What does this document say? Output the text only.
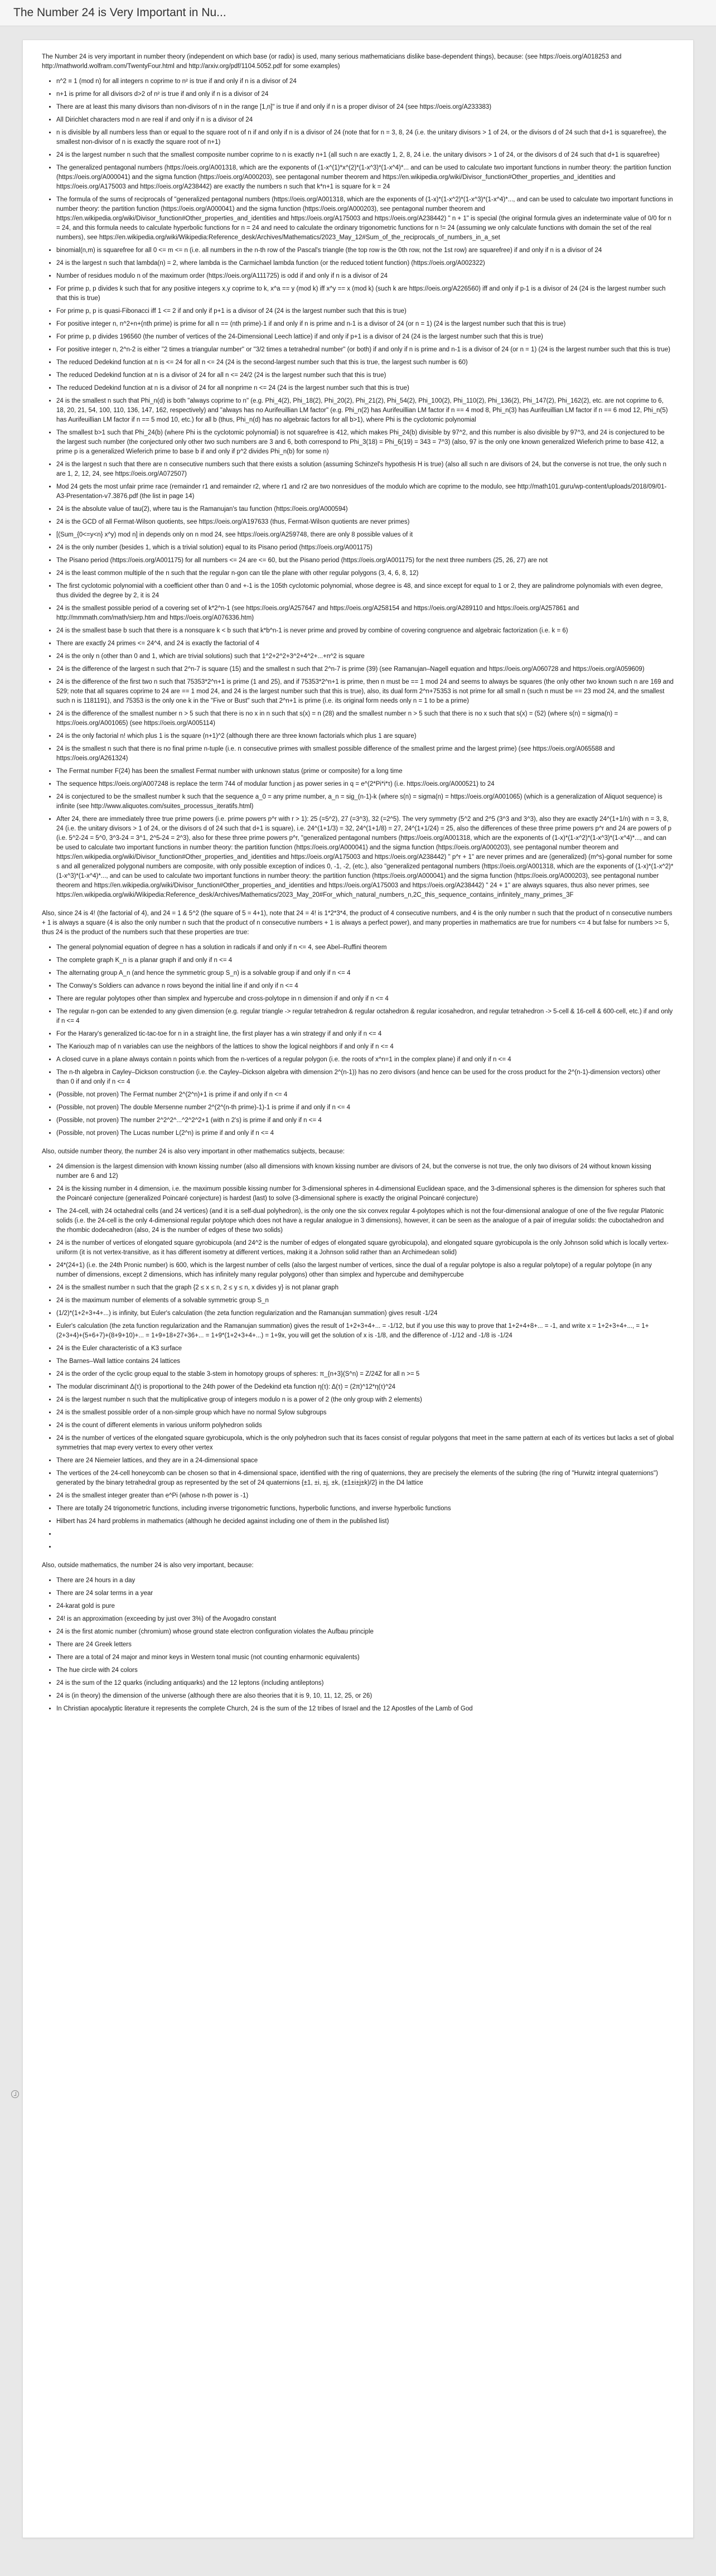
The Number 24 is Very Important in Nu...

The Number 24 is very important in number theory (independent on which base (or radix) is used, many serious mathematicians dislike base-dependent things), because: (see https://oeis.org/A018253 and http://mathworld.wolfram.com/TwentyFour.html and http://arxiv.org/pdf/1104.5052.pdf for some examples)

• n^2 ≡ 1 (mod n) for all integers n coprime to n² is true if and only if n is a divisor of 24
• n+1 is prime for all divisors d>2 of n² is true if and only if n is a divisor of 24
• There are at least this many divisors than non-divisors of n in the range [1,n]" is true if and only if n is a proper divisor of 24 (see https://oeis.org/A233383)
• All Dirichlet characters mod n are real if and only if n is a divisor of 24
• n is divisible by all numbers less than or equal to the square root of n if and only if n is a divisor of 24 (note that for n = 3, 8, 24 (i.e. the unitary divisors > 1 of 24, or the divisors d of 24 such that d+1 is squarefree), the smallest non-divisor of n is exactly the square root of n+1)
• 24 is the largest number n such that the smallest composite number coprime to n is exactly n+1 (all such n are exactly 1, 2, 8, 24 i.e. the unitary divisors > 1 of 24, or the divisors d of 24 such that d+1 is squarefree)
• The generalized pentagonal numbers (https://oeis.org/A001318, which are the exponents of (1-x^(1)*x^(2)*(1-x^3)*(1-x^4)*... and can be used to calculate two important functions in number theory: the partition function (https://oeis.org/A000041) and the sigma function (https://oeis.org/A000203), see pentagonal number theorem and https://en.wikipedia.org/wiki/Divisor_function#Other_properties_and_identities and https://oeis.org/A175003 and https://oeis.org/A238442) are exactly the numbers n such that k*n+1 is square for k = 24
• The formula of the sums of reciprocals of "generalized pentagonal numbers (https://oeis.org/A001318, which are the exponents of (1-x)*(1-x^2)*(1-x^3)*(1-x^4)*..., and can be used to calculate two important functions in number theory: the partition function (https://oeis.org/A000041) and the sigma function (https://oeis.org/A000203), see pentagonal number theorem and https://en.wikipedia.org/wiki/Divisor_function#Other_properties_and_identities and https://oeis.org/A175003 and https://oeis.org/A238442) " n + 1" is special (the original formula gives an indeterminate value of 0/0 for n = 24, and this formula needs to calculate hyperbolic functions for n = 24 and need to calculate the ordinary trigonometric functions for n != 24 (assuming we only calculate functions with domain the set of the real numbers), see https://en.wikipedia.org/wiki/Wikipedia:Reference_desk/Archives/Mathematics/2023_May_12#Sum_of_the_reciprocals_of_numbers_in_a_set
• binomial(n,m) is squarefree for all 0 <= m <= n (i.e. all numbers in the n-th row of the Pascal's triangle (the top row is the 0th row, not the 1st row) are squarefree) if and only if n is a divisor of 24
• 24 is the largest n such that lambda(n) = 2, where lambda is the Carmichael lambda function (or the reduced totient function) (https://oeis.org/A002322)
• Number of residues modulo n of the maximum order (https://oeis.org/A111725) is odd if and only if n is a divisor of 24
• For prime p, p divides k such that for any positive integers x,y coprime to k, x^a == y (mod k) iff x^y == x (mod k) (such k are https://oeis.org/A226560) iff and only if p-1 is a divisor of 24 (24 is the largest number such that this is true)
• For prime p, p is quasi-Fibonacci iff 1 <= 2 if and only if p+1 is a divisor of 24 (24 is the largest number such that this is true)
• For positive integer n, n^2+n+(nth prime) is prime for all n == (nth prime)-1 if and only if n is prime and n-1 is a divisor of 24 (or n = 1) (24 is the largest number such that this is true)
• For prime p, p divides 196560 (the number of vertices of the 24-Dimensional Leech lattice) if and only if p+1 is a divisor of 24 (24 is the largest number such that this is true)
• For positive integer n, 2^n-2 is either "2 times a triangular number" or "3/2 times a tetrahedral number" (or both) if and only if n is prime and n-1 is a divisor of 24 (or n = 1) (24 is the largest number such that this is true)
• The reduced Dedekind function at n is <= 24 for all n <= 24 (24 is the second-largest number such that this is true, the largest such number is 60)
• The reduced Dedekind function at n is a divisor of 24 for all n <= 24/2 (24 is the largest number such that this is true)
• The reduced Dedekind function at n is a divisor of 24 for all nonprime n <= 24 (24 is the largest number such that this is true)
• 24 is the smallest n such that Phi_n(d) is both "always coprime to n" (e.g. Phi_4(2), Phi_18(2), Phi_20(2), Phi_21(2), Phi_54(2), Phi_100(2), Phi_110(2), Phi_136(2), Phi_147(2), Phi_162(2), etc. are not coprime to 6, 18, 20, 21, 54, 100, 110, 136, 147, 162, respectively) and "always has no Aurifeuillian LM factor" (e.g. Phi_n(2) has Aurifeuillian LM factor if n == 4 mod 8, Phi_n(3) has Aurifeuillian LM factor if n == 6 mod 12, Phi_n(5) has Aurifeuillian LM factor if n == 5 mod 10, etc.) for all b (thus, Phi_n(d) has no algebraic factors for all b>1), where Phi is the cyclotomic polynomial
• The smallest b>1 such that Phi_24(b) (where Phi is the cyclotomic polynomial) is not squarefree is 412, which makes Phi_24(b) divisible by 97^2, and this number is also divisible by 97^3, and 24 is conjectured to be the largest such number (the conjectured only other two such numbers are 3 and 6, both correspond to Phi_3(18) = Phi_6(19) = 343 = 7^3) (also, 97 is the only one known generalized Wieferich prime to base 412, a prime p is a generalized Wieferich prime to base b if and only if p^2 divides Phi_n(b) for some n)
• 24 is the largest n such that there are n consecutive numbers such that there exists a solution (assuming Schinzel's hypothesis H is true) (also all such n are divisors of 24, but the converse is not true, the only such n are 1, 2, 12, 24, see https://oeis.org/A072507)
• Mod 24 gets the most unfair prime race (remainder r1 and remainder r2, where r1 and r2 are two nonresidues of the modulo which are coprime to the modulo, see http://math101.guru/wp-content/uploads/2018/09/01-A3-Presentation-v7.3876.pdf (the list in page 14)
• 24 is the absolute value of tau(2), where tau is the Ramanujan's tau function (https://oeis.org/A000594)
• 24 is the GCD of all Fermat-Wilson quotients, see https://oeis.org/A197633 (thus, Fermat-Wilson quotients are never primes)
• [(Sum_{0<=y<n} x^y) mod n] in depends only on n mod 24, see https://oeis.org/A259748, there are only 8 possible values of it
• 24 is the only number (besides 1, which is a trivial solution) equal to its Pisano period (https://oeis.org/A001175)
• The Pisano period (https://oeis.org/A001175) for all numbers <= 24 are <= 60, but the Pisano period (https://oeis.org/A001175) for the next three numbers (25, 26, 27) are not
• 24 is the least common multiple of the n such that the regular n-gon can tile the plane with other regular polygons (3, 4, 6, 8, 12)
• The first cyclotomic polynomial with a coefficient other than 0 and +-1 is the 105th cyclotomic polynomial, whose degree is 48, and since except for equal to 1 or 2, they are palindrome polynomials with even degree, thus divided the degree by 2, it is 24
• 24 is the smallest possible period of a covering set of k*2^n-1 (see https://oeis.org/A257647 and https://oeis.org/A258154 and https://oeis.org/A289110 and https://oeis.org/A257861 and http://mmmath.com/math/sierp.htm and https://oeis.org/A076336.htm)
• 24 is the smallest base b such that there is a nonsquare k < b such that k*b^n-1 is never prime and proved by combine of covering congruence and algebraic factorization (i.e. k = 6)
• There are exactly 24 primes <= 24^4, and 24 is exactly the factorial of 4
• 24 is the only n (other than 0 and 1, which are trivial solutions) such that 1^2+2^2+3^2+4^2+...+n^2 is square
• 24 is the difference of the largest n such that 2^n-7 is square (15) and the smallest n such that 2^n-7 is prime (39) (see Ramanujan–Nagell equation and https://oeis.org/A060728 and https://oeis.org/A059609)
• 24 is the difference of the first two n such that 75353*2^n+1 is prime (1 and 25), and if 75353*2^n+1 is prime, then n must be == 1 mod 24 and seems to always be squares (the only other two known such n are 169 and 529; note that all squares coprime to 24 are == 1 mod 24, and 24 is the largest number such that this is true), also, its dual form 2^n+75353 is not prime for all small n (such n must be == 23 mod 24, and the smallest such n is 1181191), and 75353 is the only one k in the "Five or Bust" such that 2^n+1 is prime (i.e. its original form needs only n = 1 to be a prime)
• 24 is the difference of the smallest number n > 5 such that there is no x in n such that s(x) = n (28) and the smallest number n > 5 such that there is no x such that s(x) = (52) (where s(n) = sigma(n) = https://oeis.org/A001065) (see https://oeis.org/A005114)
• 24 is the only factorial n! which plus 1 is the square (n+1)^2 (although there are three known factorials which plus 1 are square)
• 24 is the smallest n such that there is no final prime n-tuple (i.e. n consecutive primes with smallest possible difference of the smallest prime and the largest prime) (see https://oeis.org/A065588 and https://oeis.org/A261324)
• The Fermat number F(24) has been the smallest Fermat number with unknown status (prime or composite) for a long time
• The sequence https://oeis.org/A007248 is replace the term 744 of modular function j as power series in q = e^(2*Pi*i*τ) (i.e. https://oeis.org/A000521) to 24
• 24 is conjectured to be the smallest number k such that the sequence a_0 = any prime number, a_n = sig_(n-1)-k (where s(n) = sigma(n) = https://oeis.org/A001065) (which is a generalization of Aliquot sequence) is infinite (see http://www.aliquotes.com/suites_processus_iteratifs.html)
• After 24, there are immediately three true prime powers (i.e. prime powers p^r with r > 1): 25 (=5^2), 27 (=3^3), 32 (=2^5). The very symmetry (5^2 and 2^5 (3^3 and 3^3), also they are exactly 24^(1+1/n) with n = 3, 8, 24 (i.e. the unitary divisors > 1 of 24, or the divisors d of 24 such that d+1 is square), i.e. 24^(1+1/3) = 32, 24^(1+1/8) = 27, 24^(1+1/24) = 25, also the differences of these three prime powers p^r and 24 are powers of p (i.e. 5^2-24 = 5^0, 3^3-24 = 3^1, 2^5-24 = 2^3), also for these three prime powers p^r, "generalized pentagonal numbers (https://oeis.org/A001318, which are the exponents of (1-x)*(1-x^2)*(1-x^3)*(1-x^4)*..., and can be used to calculate two important functions in number theory: the partition function (https://oeis.org/A000041) and the sigma function (https://oeis.org/A000203), see pentagonal number theorem and https://en.wikipedia.org/wiki/Divisor_function#Other_properties_and_identities and https://oeis.org/A175003 and https://oeis.org/A238442) " p^r + 1" are never primes and are (generalized) (m^s)-gonal number for some s and all generalized polygonal numbers are composite, with only possible exception of indices 0, -1, -2, (etc.), also "generalized pentagonal numbers (https://oeis.org/A001318, which are the exponents of (1-x)*(1-x^2)*(1-x^3)*(1-x^4)*..., and can be used to calculate two important functions in number theory: the partition function (https://oeis.org/A000041) and the sigma function (https://oeis.org/A000203), see pentagonal number theorem and https://en.wikipedia.org/wiki/Divisor_function#Other_properties_and_identities and https://oeis.org/A175003 and https://oeis.org/A238442) " 24 + 1" are always squares, thus also never primes, see https://en.wikipedia.org/wiki/Wikipedia:Reference_desk/Archives/Mathematics/2023_May_20#For_which_natural_numbers_n,2C_this_sequence_contains_infinitely_many_primes_3F

Also, since 24 is 4! (the factorial of 4), and 24 = 1 & 5^2 (the square of 5 = 4+1), note that 24 = 4! is 1*2*3*4, the product of 4 consecutive numbers, and 4 is the only number n such that the product of n consecutive numbers + 1 is always a square (4 is also the only number n such that the product of n consecutive numbers + 1 is always a perfect power), and many properties in mathematics are true for numbers <= 4 but false for numbers >= 5, thus 24 is the product of the numbers such that these properties are true:

• The general polynomial equation of degree n has a solution in radicals if and only if n <= 4, see Abel–Ruffini theorem
• The complete graph K_n is a planar graph if and only if n <= 4
• The alternating group A_n (and hence the symmetric group S_n) is a solvable group if and only if n <= 4
• The Conway's Soldiers can advance n rows beyond the initial line if and only if n <= 4
• There are regular polytopes other than simplex and hypercube and cross-polytope in n dimension if and only if n <= 4
• The regular n-gon can be extended to any given dimension (e.g. regular triangle -> regular tetrahedron & regular octahedron & regular icosahedron, and regular tetrahedron -> 5-cell & 16-cell & 600-cell, etc.) if and only if n <= 4
• For the Harary's generalized tic-tac-toe for n in a straight line, the first player has a win strategy if and only if n <= 4
• The Kariouzh map of n variables can use the neighbors of the lattices to show the logical neighbors if and only if n <= 4
• A closed curve in a plane always contain n points which from the n-vertices of a regular polygon (i.e. the roots of x^n=1 in the complex plane) if and only if n <= 4
• The n-th algebra in Cayley–Dickson construction (i.e. the Cayley–Dickson algebra with dimension 2^(n-1)) has no zero divisors (and hence can be used for the cross product for the 2^(n-1)-dimension vectors) other than 0 if and only if n <= 4
• (Possible, not proven) The Fermat number 2^(2^n)+1 is prime if and only if n <= 4
• (Possible, not proven) The double Mersenne number 2^(2^(n-th prime)-1)-1 is prime if and only if n <= 4
• (Possible, not proven) The number 2^2^2^...^2^2^2+1 (with n 2's) is prime if and only if n <= 4
• (Possible, not proven) The Lucas number L(2^n) is prime if and only if n <= 4

Also, outside number theory, the number 24 is also very important in other mathematics subjects, because:

• 24 dimension is the largest dimension with known kissing number (also all dimensions with known kissing number are divisors of 24, but the converse is not true, the only two divisors of 24 without known kissing number are 6 and 12)
• 24 is the kissing number in 4 dimension, i.e. the maximum possible kissing number for 3-dimensional spheres in 4-dimensional Euclidean space, and the 3-dimensional spheres is the dimension for spheres such that the Poincaré conjecture (generalized Poincaré conjecture) is hardest (last) to solve (3-dimensional sphere is exactly the original Poincaré conjecture)
• The 24-cell, with 24 octahedral cells (and 24 vertices) (and it is a self-dual polyhedron), is the only one the six convex regular 4-polytopes which is not the four-dimensional analogue of one of the five regular Platonic solids (i.e. the 24-cell is the only 4-dimensional regular polytope which does not have a regular analogue in 3 dimensions), however, it can be seen as the analogue of a pair of irregular solids: the cuboctahedron and the rhombic dodecahedron (also, 24 is the number of edges of these two solids)
• 24 is the number of vertices of elongated square gyrobicupola (and 24^2 is the number of edges of elongated square gyrobicupola), and elongated square gyrobicupola is the only Johnson solid which is locally vertex-uniform (it is not vertex-transitive, as it has different isometry at different vertices, making it a Johnson solid rather than an Archimedean solid)
• 24*(24+1) (i.e. the 24th Pronic number) is 600, which is the largest number of cells (also the largest number of vertices, since the dual of a regular polytope is also a regular polytope) of a regular polytope (in any number of dimensions, except 2 dimensions, which has infinitely many regular polygons) other than simplex and hypercube and demihypercube
• 24 is the smallest number n such that the graph {2 ≤ x ≤ n, 2 ≤ y ≤ n, x divides y} is not planar graph
• 24 is the maximum number of elements of a solvable symmetric group S_n
• (1/2)*(1+2+3+4+...) is infinity, but Euler's calculation (the zeta function regularization and the Ramanujan summation) gives result -1/24
• Euler's calculation (the zeta function regularization and the Ramanujan summation) gives the result of 1+2+3+4+... = -1/12, but if you use this way to prove that 1+2+4+8+... = -1, and write x = 1+2+3+4+..., = 1+(2+3+4)+(5+6+7)+(8+9+10)+... = 1+9+18+27+36+... = 1+9*(1+2+3+4+...) = 1+9x, you will get the solution of x is -1/8, and the difference of -1/12 and -1/8 is -1/24
• 24 is the Euler characteristic of a K3 surface
• The Barnes–Wall lattice contains 24 lattices
• 24 is the order of the cyclic group equal to the stable 3-stem in homotopy groups of spheres: π_{n+3}(S^n) = Z/24Z for all n >= 5
• The modular discriminant Δ(τ) is proportional to the 24th power of the Dedekind eta function η(τ): Δ(τ) = (2π)^12*η(τ)^24
• 24 is the largest number n such that the multiplicative group of integers modulo n is a power of 2 (the only group with 2 elements)
• 24 is the smallest possible order of a non-simple group which have no normal Sylow subgroups
• 24 is the count of different elements in various uniform polyhedron solids
• 24 is the number of vertices of the elongated square gyrobicupola, which is the only polyhedron such that its faces consist of regular polygons that meet in the same pattern at each of its vertices but lacks a set of global symmetries that map every vertex to every other vertex
• There are 24 Niemeier lattices, and they are in a 24-dimensional space
• The vertices of the 24-cell honeycomb can be chosen so that in 4-dimensional space, identified with the ring of quaternions, they are precisely the elements of the subring (the ring of "Hurwitz integral quaternions") generated by the binary tetrahedral group as represented by the set of 24 quaternions {±1, ±i, ±j, ±k, (±1±i±j±k)/2} in the D4 lattice
• 24 is the smallest integer greater than e^Pi (whose n-th power is -1)
• There are totally 24 trigonometric functions, including inverse trigonometric functions, hyperbolic functions, and inverse hyperbolic functions
• Hilbert has 24 hard problems in mathematics (although he decided against including one of them in the published list)
•
•

Also, outside mathematics, the number 24 is also very important, because:

• There are 24 hours in a day
• There are 24 solar terms in a year
• 24-karat gold is pure
• 24! is an approximation (exceeding by just over 3%) of the Avogadro constant
• 24 is the first atomic number (chromium) whose ground state electron configuration violates the Aufbau principle
• There are 24 Greek letters
• There are a total of 24 major and minor keys in Western tonal music (not counting enharmonic equivalents)
• The hue circle with 24 colors
• 24 is the sum of the 12 quarks (including antiquarks) and the 12 leptons (including antileptons)
• 24 is (in theory) the dimension of the universe (although there are also theories that it is 9, 10, 11, 12, 25, or 26)
• In Christian apocalyptic literature it represents the complete Church, 24 is the sum of the 12 tribes of Israel and the 12 Apostles of the Lamb of God
